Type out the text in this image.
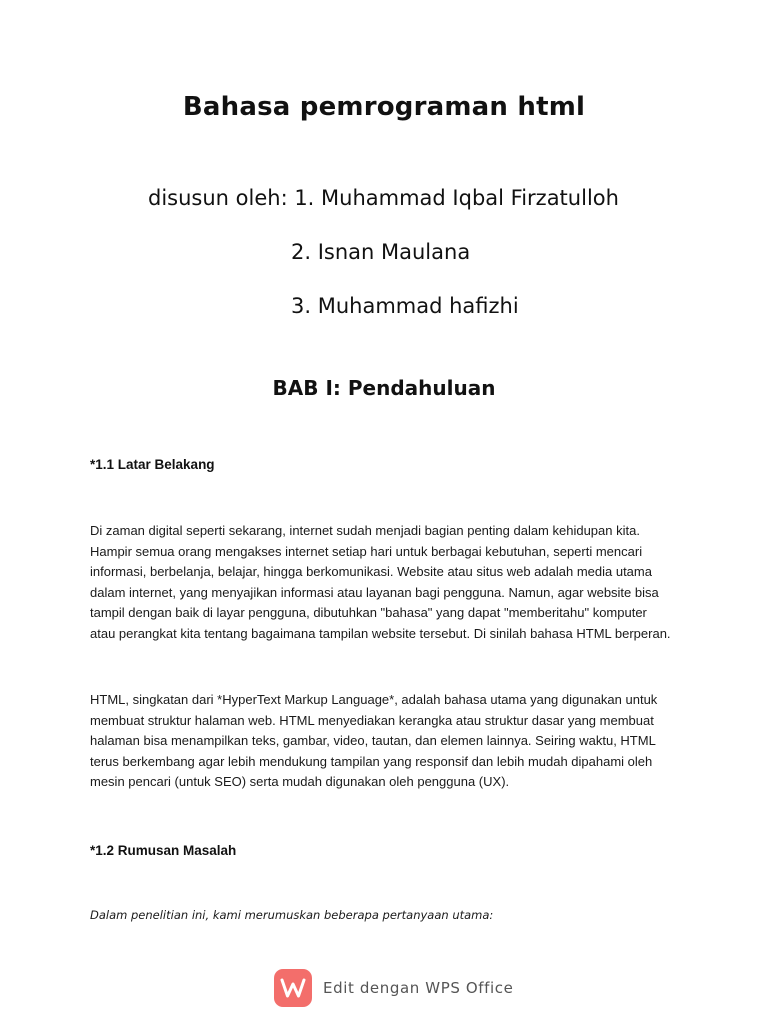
Bahasa pemrograman html
disusun oleh: 1. Muhammad Iqbal Firzatulloh
2. Isnan Maulana
3. Muhammad hafizhi
BAB I: Pendahuluan
*1.1 Latar Belakang
Di zaman digital seperti sekarang, internet sudah menjadi bagian penting dalam kehidupan kita.
Hampir semua orang mengakses internet setiap hari untuk berbagai kebutuhan, seperti mencari
informasi, berbelanja, belajar, hingga berkomunikasi. Website atau situs web adalah media utama
dalam internet, yang menyajikan informasi atau layanan bagi pengguna. Namun, agar website bisa
tampil dengan baik di layar pengguna, dibutuhkan "bahasa" yang dapat "memberitahu" komputer
atau perangkat kita tentang bagaimana tampilan website tersebut. Di sinilah bahasa HTML berperan.
HTML, singkatan dari *HyperText Markup Language*, adalah bahasa utama yang digunakan untuk
membuat struktur halaman web. HTML menyediakan kerangka atau struktur dasar yang membuat
halaman bisa menampilkan teks, gambar, video, tautan, dan elemen lainnya. Seiring waktu, HTML
terus berkembang agar lebih mendukung tampilan yang responsif dan lebih mudah dipahami oleh
mesin pencari (untuk SEO) serta mudah digunakan oleh pengguna (UX).
*1.2 Rumusan Masalah
Dalam penelitian ini, kami merumuskan beberapa pertanyaan utama:
Edit dengan WPS Office
